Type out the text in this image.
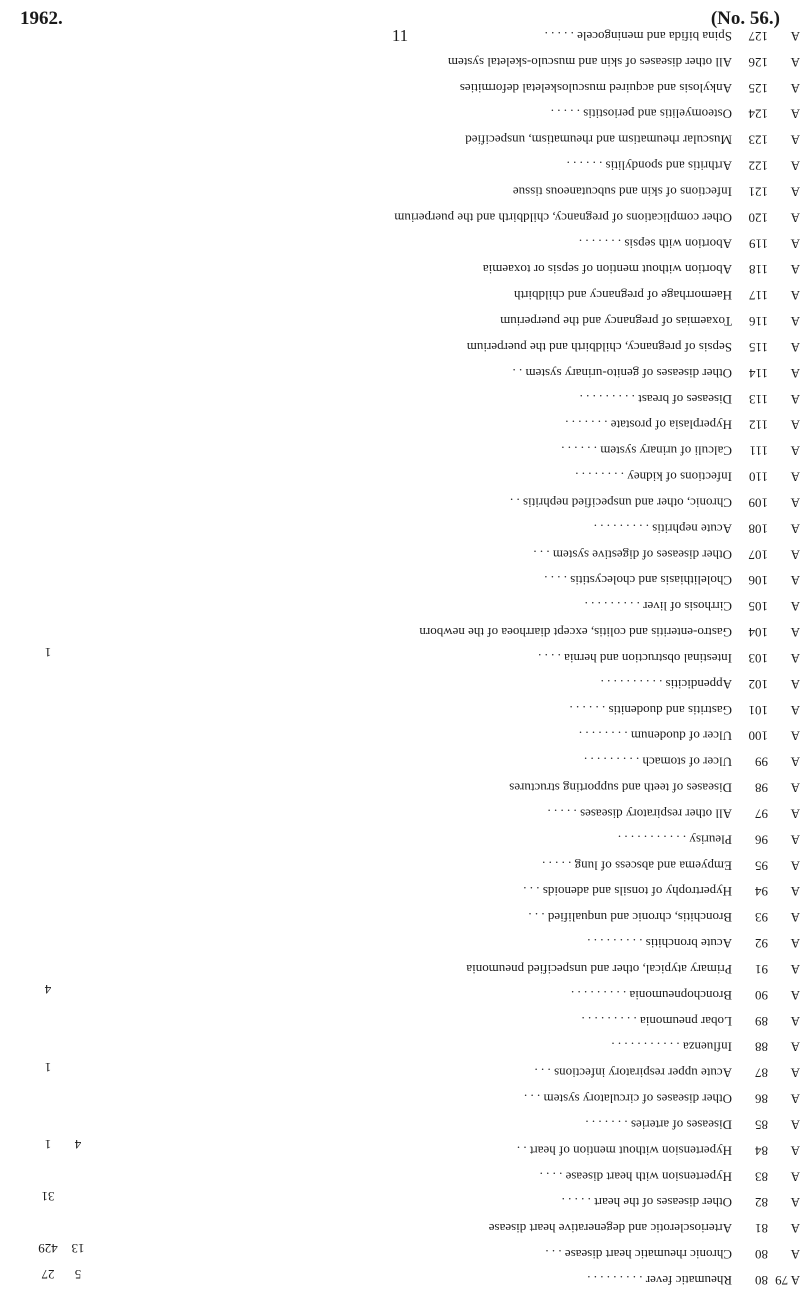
1962.	(No. 56.)
11
A 7980Rheumatic fever . . . . . . . . .
A80Chronic rheumatic heart disease . . .
A81Arteriosclerotic and degenerative heart disease
A82Other diseases of the heart . . . . .
A83Hypertension with heart disease . . . .
A84Hypertension without mention of heart . .
A85Diseases of arteries . . . . . . .
A86Other diseases of circulatory system . . .
A87Acute upper respiratory infections . . .
A88Influenza . . . . . . . . . . .
A89Lobar pneumonia . . . . . . . . .
A90Bronchopneumonia . . . . . . . . .
A91Primary atypical, other and unspecified pneumonia
A92Acute bronchitis . . . . . . . . .
A93Bronchitis, chronic and unqualified . . .
A94Hypertrophy of tonsils and adenoids . . .
A95Empyema and abscess of lung . . . . .
A96Pleurisy . . . . . . . . . . .
A97All other respiratory diseases . . . . .
A98Diseases of teeth and supporting structures
A99Ulcer of stomach . . . . . . . . .
A100Ulcer of duodenum . . . . . . . .
A101Gastritis and duodenitis . . . . . .
A102Appendicitis . . . . . . . . . .
A103Intestinal obstruction and hernia . . . .
A104Gastro-enteritis and colitis, except diarrhoea of the newborn
A105Cirrhosis of liver . . . . . . . . .
A106Cholelithiasis and cholecystitis . . . .
A107Other diseases of digestive system . . .
A108Acute nephritis . . . . . . . . .
A109Chronic, other and unspecified nephritis . .
A110Infections of kidney . . . . . . . .
A111Calculi of urinary system . . . . . .
A112Hyperplasia of prostate . . . . . . .
A113Diseases of breast . . . . . . . . .
A114Other diseases of genito-urinary system . .
A115Sepsis of pregnancy, childbirth and the puerperium
A116Toxaemias of pregnancy and the puerperium
A117Haemorrhage of pregnancy and childbirth
A118Abortion without mention of sepsis or toxaemia
A119Abortion with sepsis . . . . . . .
A120Other complications of pregnancy, childbirth and the puerperium
A121Infections of skin and subcutaneous tissue
A122Arthritis and spondylitis . . . . . .
A123Muscular rheumatism and rheumatism, unspecified
A124Osteomyelitis and periostitis . . . . .
A125Ankylosis and acquired musculoskeletal deformities
A126All other diseases of skin and musculo-skeletal system
A127Spina bifida and meningocele . . . . .
27
429
31
1
1
4
1
5
13
4
